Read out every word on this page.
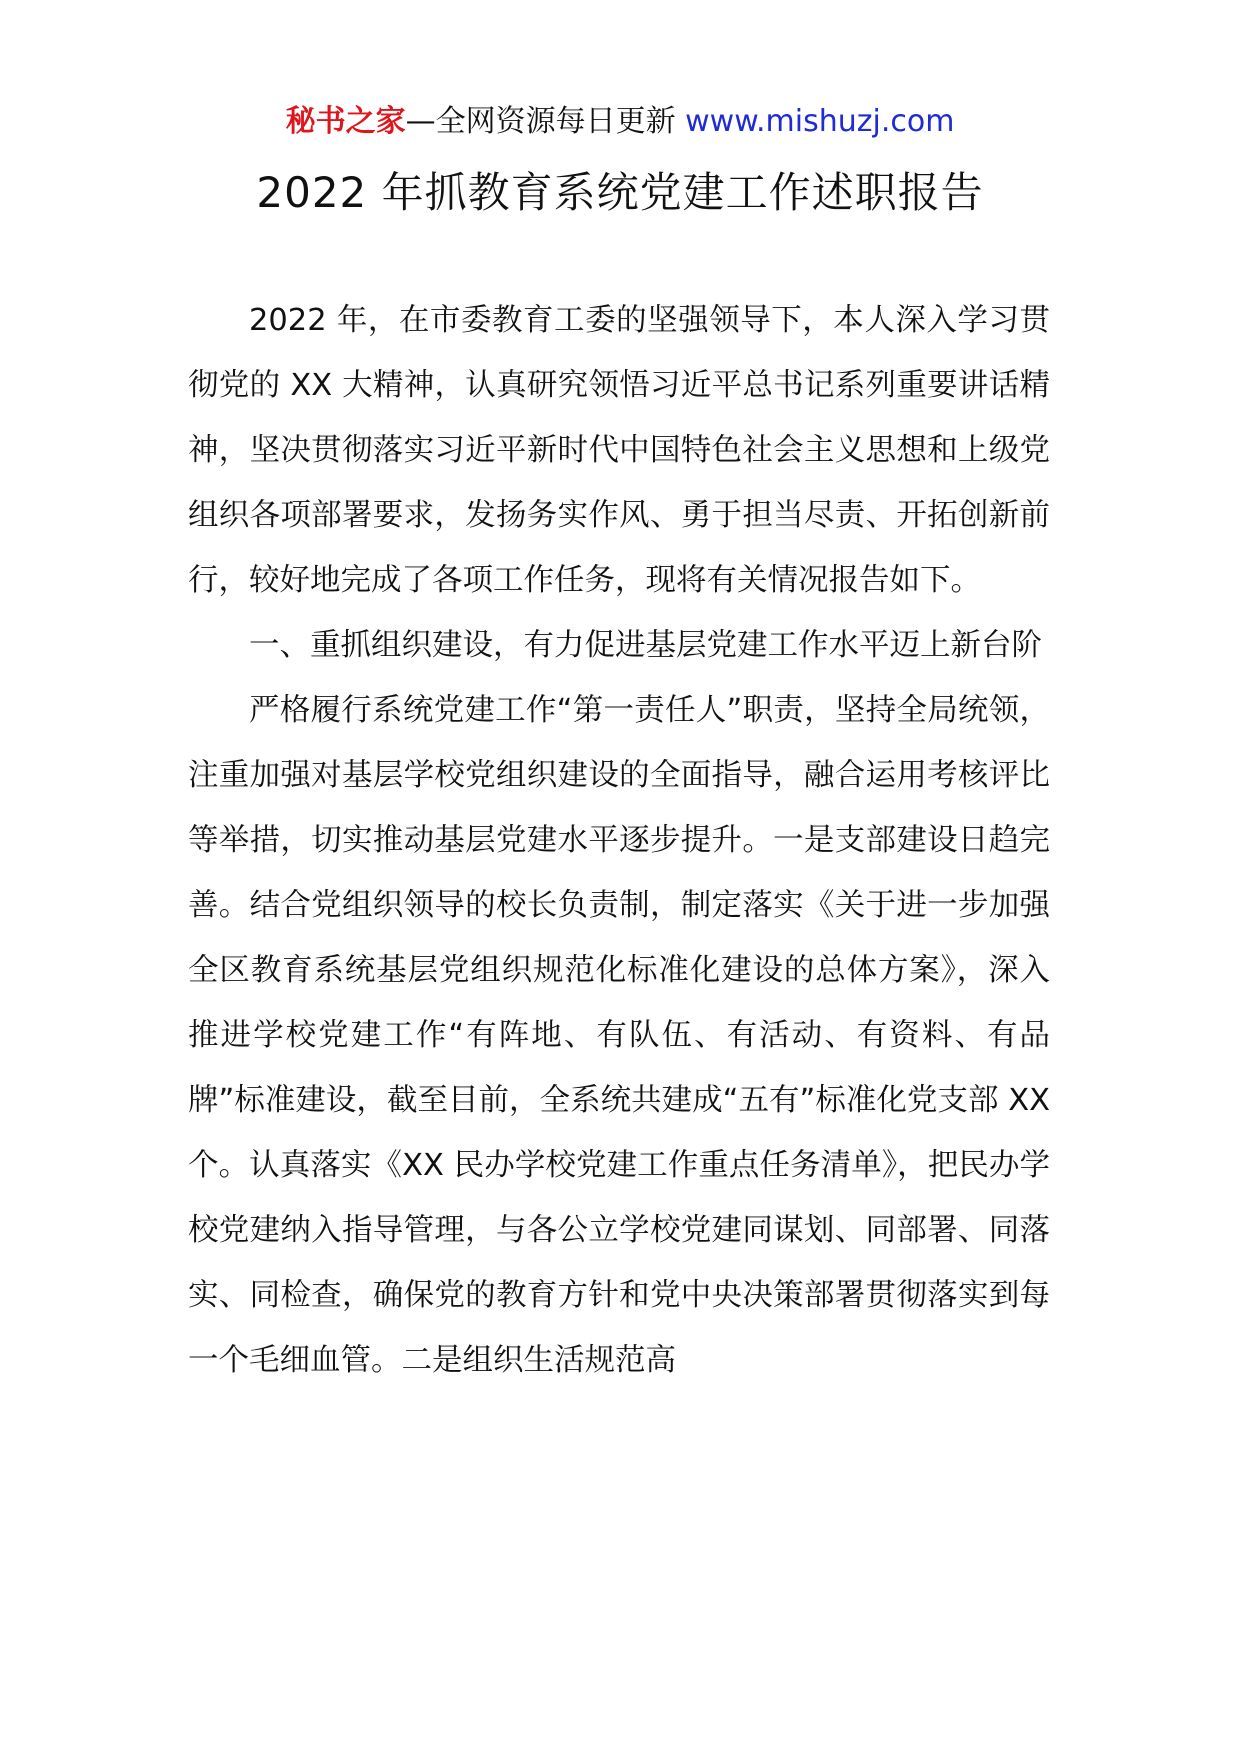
秘书之家—全网资源每日更新 www.mishuzj.com
2022 年抓教育系统党建工作述职报告

2022 年，在市委教育工委的坚强领导下，本人深入学习贯彻党的 XX 大精神，认真研究领悟习近平总书记系列重要讲话精神，坚决贯彻落实习近平新时代中国特色社会主义思想和上级党组织各项部署要求，发扬务实作风、勇于担当尽责、开拓创新前行，较好地完成了各项工作任务，现将有关情况报告如下。

一、重抓组织建设，有力促进基层党建工作水平迈上新台阶

严格履行系统党建工作“第一责任人”职责，坚持全局统领，注重加强对基层学校党组织建设的全面指导，融合运用考核评比等举措，切实推动基层党建水平逐步提升。一是支部建设日趋完善。结合党组织领导的校长负责制，制定落实《关于进一步加强全区教育系统基层党组织规范化标准化建设的总体方案》，深入推进学校党建工作“有阵地、有队伍、有活动、有资料、有品牌”标准建设，截至目前，全系统共建成“五有”标准化党支部 XX 个。认真落实《XX 民办学校党建工作重点任务清单》，把民办学校党建纳入指导管理，与各公立学校党建同谋划、同部署、同落实、同检查，确保党的教育方针和党中央决策部署贯彻落实到每一个毛细血管。二是组织生活规范高
